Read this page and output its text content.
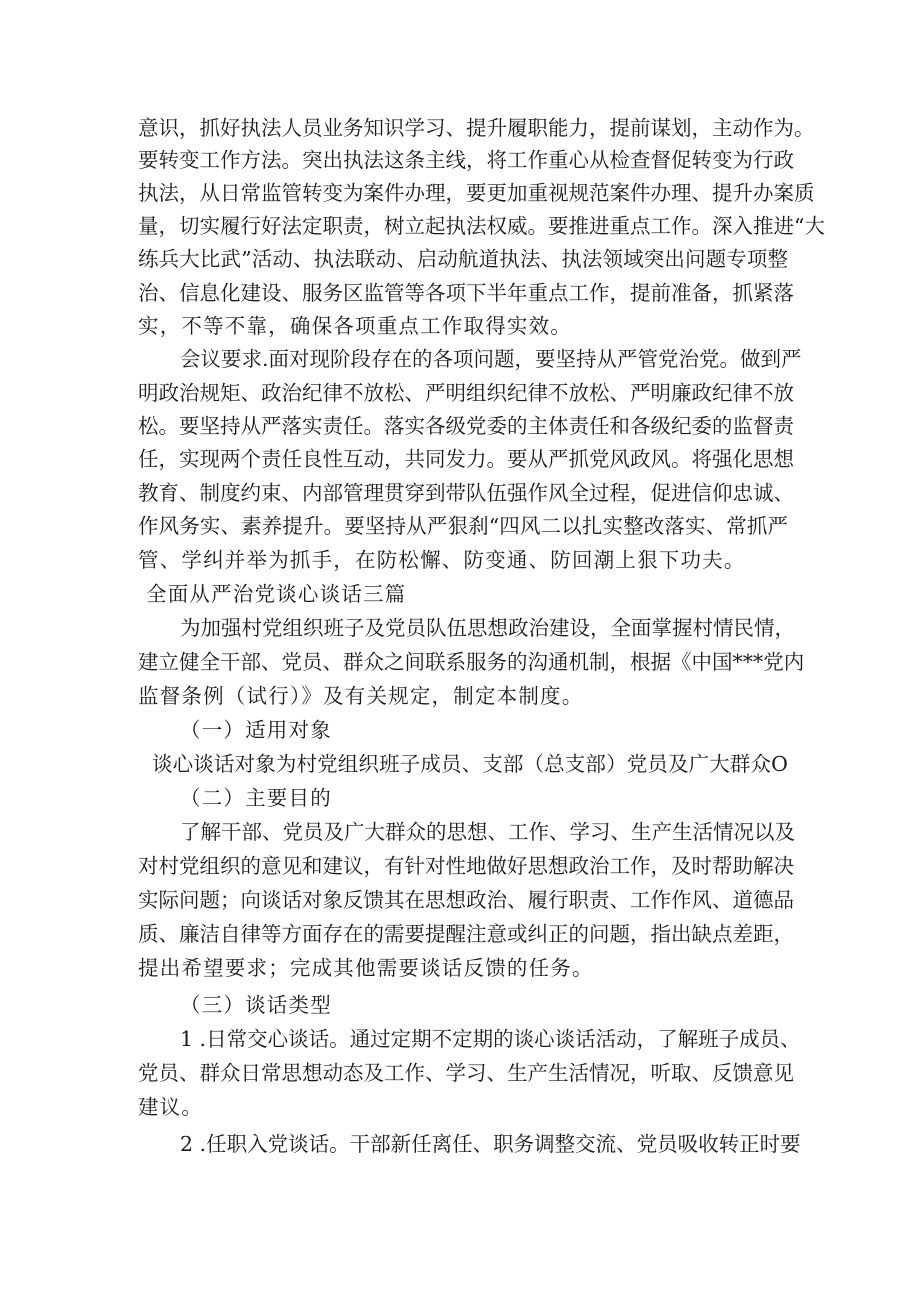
意识，抓好执法人员业务知识学习、提升履职能力，提前谋划，主动作为。
要转变工作方法。突出执法这条主线，将工作重心从检查督促转变为行政
执法，从日常监管转变为案件办理，要更加重视规范案件办理、提升办案质
量，切实履行好法定职责，树立起执法权威。要推进重点工作。深入推进“大
练兵大比武”活动、执法联动、启动航道执法、执法领域突出问题专项整
治、信息化建设、服务区监管等各项下半年重点工作，提前准备，抓紧落
实，不等不靠，确保各项重点工作取得实效。
会议要求.面对现阶段存在的各项问题，要坚持从严管党治党。做到严
明政治规矩、政治纪律不放松、严明组织纪律不放松、严明廉政纪律不放
松。要坚持从严落实责任。落实各级党委的主体责任和各级纪委的监督责
任，实现两个责任良性互动，共同发力。要从严抓党风政风。将强化思想
教育、制度约束、内部管理贯穿到带队伍强作风全过程，促进信仰忠诚、
作风务实、素养提升。要坚持从严狠刹“四风二以扎实整改落实、常抓严
管、学纠并举为抓手，在防松懈、防变通、防回潮上狠下功夫。
全面从严治党谈心谈话三篇
为加强村党组织班子及党员队伍思想政治建设，全面掌握村情民情，
建立健全干部、党员、群众之间联系服务的沟通机制，根据《中国***党内
监督条例（试行）》及有关规定，制定本制度。
（一）适用对象
谈心谈话对象为村党组织班子成员、支部（总支部）党员及广大群众O
（二）主要目的
了解干部、党员及广大群众的思想、工作、学习、生产生活情况以及
对村党组织的意见和建议，有针对性地做好思想政治工作，及时帮助解决
实际问题；向谈话对象反馈其在思想政治、履行职责、工作作风、道德品
质、廉洁自律等方面存在的需要提醒注意或纠正的问题，指出缺点差距，
提出希望要求；完成其他需要谈话反馈的任务。
（三）谈话类型
1 .日常交心谈话。通过定期不定期的谈心谈话活动，了解班子成员、
党员、群众日常思想动态及工作、学习、生产生活情况，听取、反馈意见
建议。
2 .任职入党谈话。干部新任离任、职务调整交流、党员吸收转正时要
